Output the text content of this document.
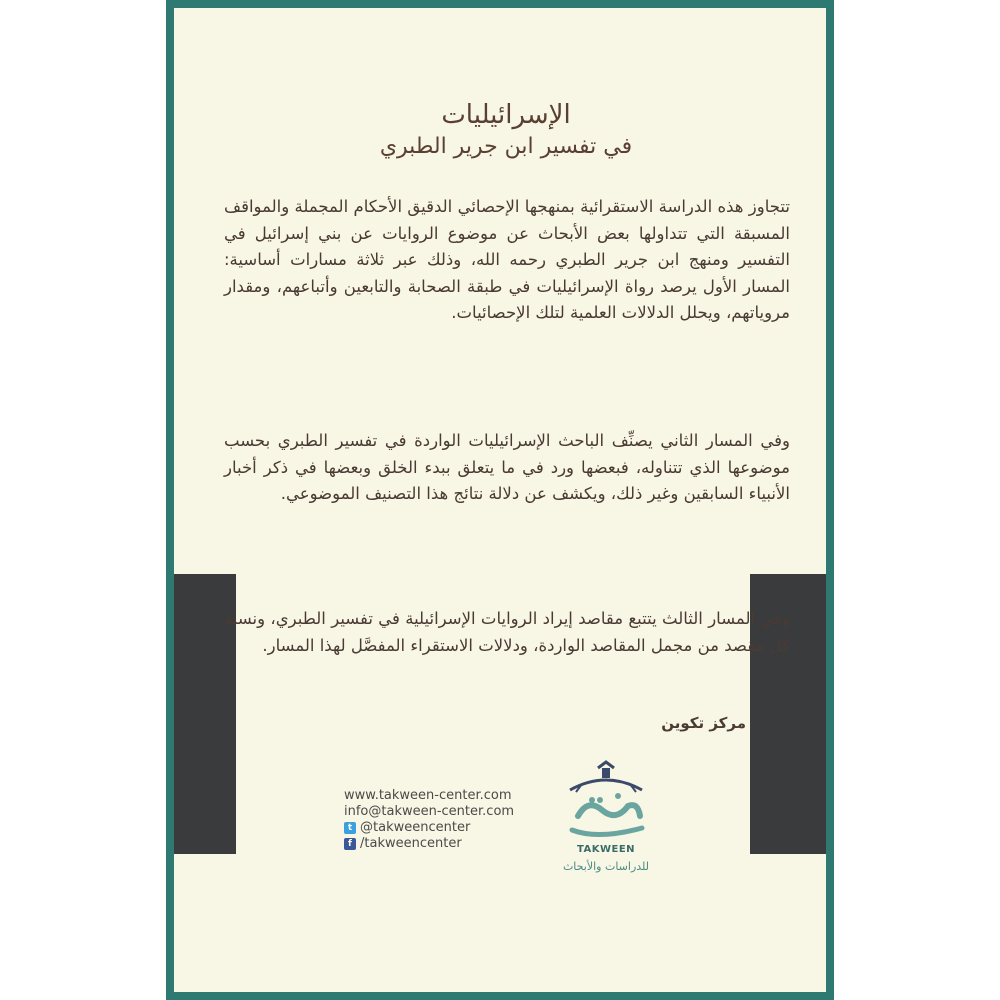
الإسرائيليات
في تفسير ابن جرير الطبري
تتجاوز هذه الدراسة الاستقرائية بمنهجها الإحصائي الدقيق الأحكام المجملة والمواقف المسبقة التي تتداولها بعض الأبحاث عن موضوع الروايات عن بني إسرائيل في التفسير ومنهج ابن جرير الطبري رحمه الله، وذلك عبر ثلاثة مسارات أساسية: المسار الأول يرصد رواة الإسرائيليات في طبقة الصحابة والتابعين وأتباعهم، ومقدار مروياتهم، ويحلل الدلالات العلمية لتلك الإحصائيات.
وفي المسار الثاني يصنِّف الباحث الإسرائيليات الواردة في تفسير الطبري بحسب موضوعها الذي تتناوله، فبعضها ورد في ما يتعلق ببدء الخلق وبعضها في ذكر أخبار الأنبياء السابقين وغير ذلك، ويكشف عن دلالة نتائج هذا التصنيف الموضوعي.
وفي المسار الثالث يتتبع مقاصد إيراد الروايات الإسرائيلية في تفسير الطبري، ونسبة كل مقصد من مجمل المقاصد الواردة، ودلالات الاستقراء المفصَّل لهذا المسار.
مركز تكوين
www.takween-center.com
info@takween-center.com
t @takweencenter
f /takweencenter	TAKWEEN
للدراسات والأبحاث
